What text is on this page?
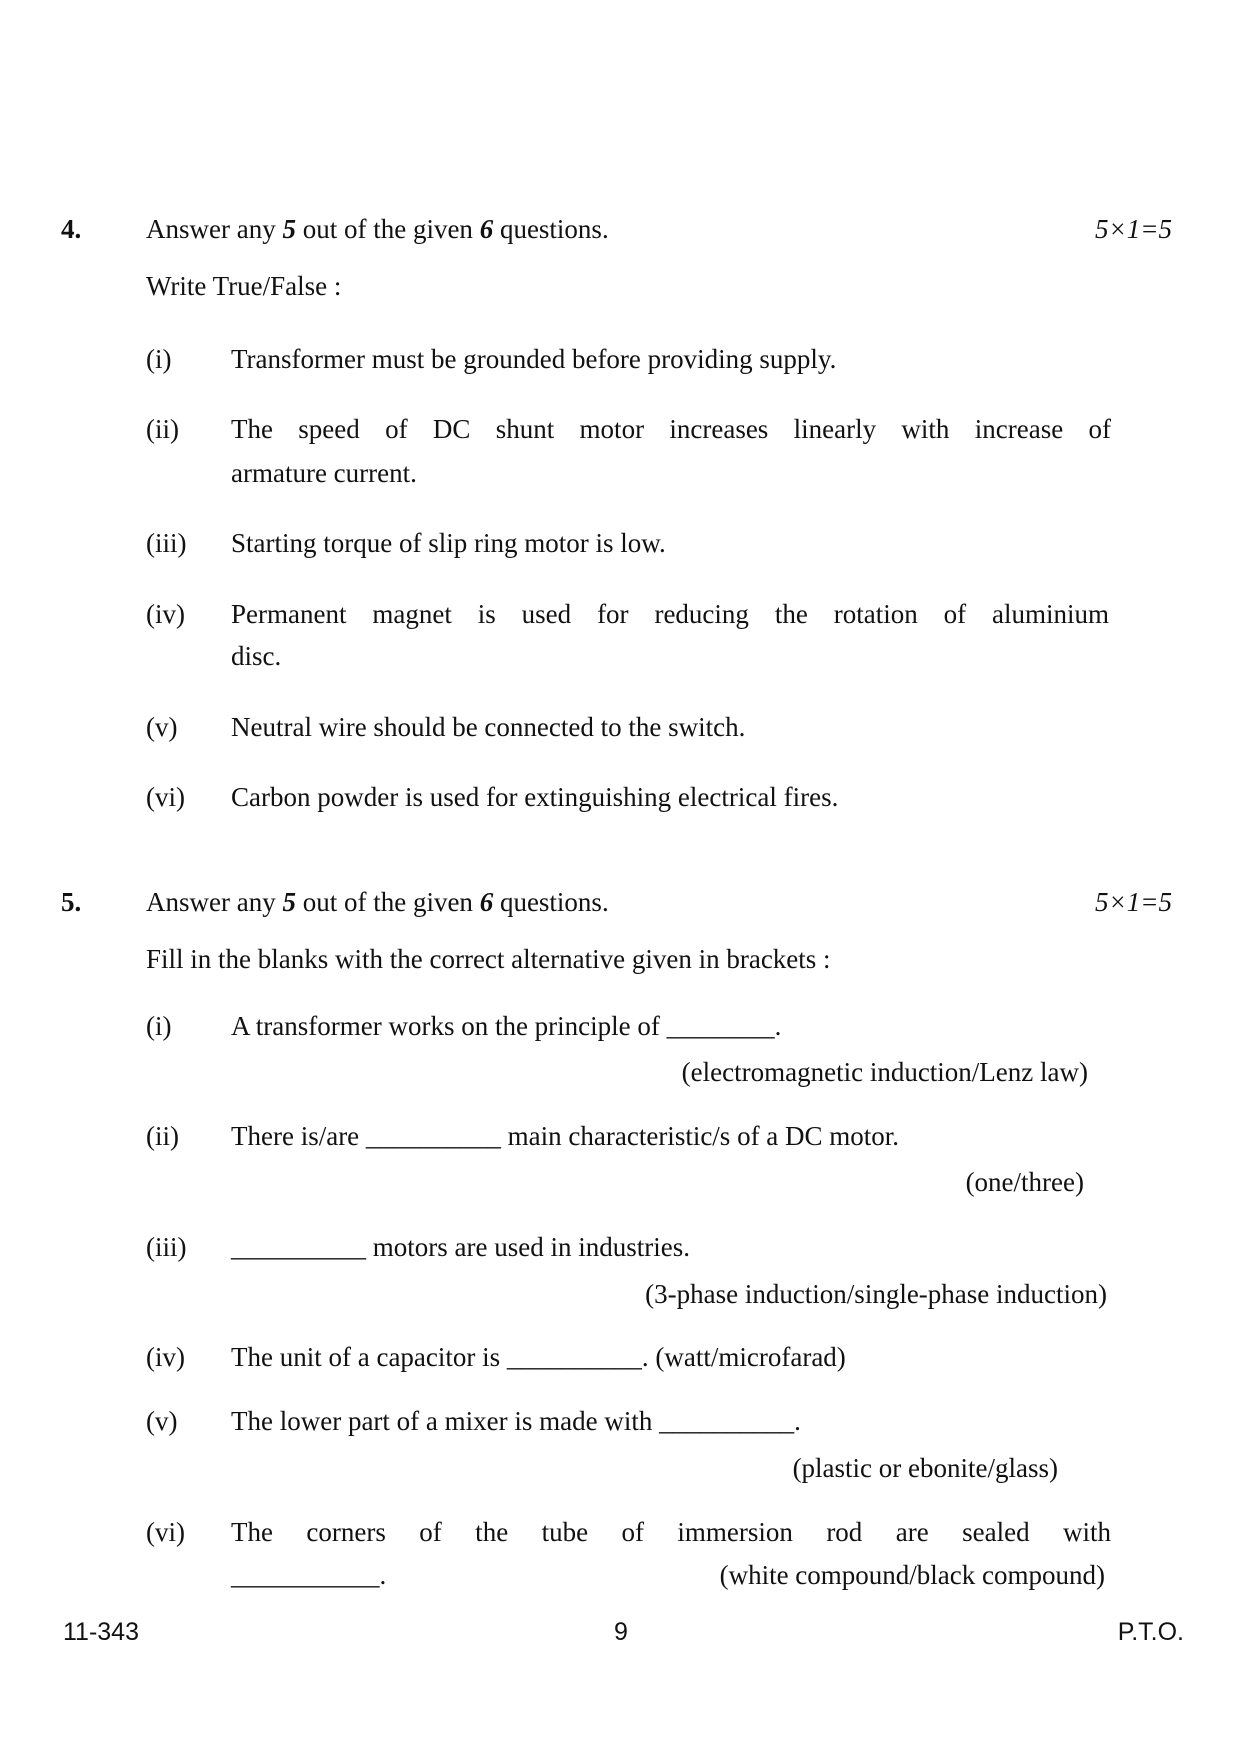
4. Answer any 5 out of the given 6 questions.	5×1=5
Write True/False :
(i) Transformer must be grounded before providing supply.
(ii) The speed of DC shunt motor increases linearly with increase of
armature current.
(iii) Starting torque of slip ring motor is low.
(iv) Permanent magnet is used for reducing the rotation of aluminium
disc.
(v) Neutral wire should be connected to the switch.
(vi) Carbon powder is used for extinguishing electrical fires.
5. Answer any 5 out of the given 6 questions.	5×1=5
Fill in the blanks with the correct alternative given in brackets :
(i) A transformer works on the principle of ________.
(electromagnetic induction/Lenz law)
(ii) There is/are __________ main characteristic/s of a DC motor.
(one/three)
(iii) __________ motors are used in industries.
(3-phase induction/single-phase induction)
(iv) The unit of a capacitor is __________. (watt/microfarad)
(v) The lower part of a mixer is made with __________.
(plastic or ebonite/glass)
(vi) The corners of the tube of immersion rod are sealed with
___________.	(white compound/black compound)
11-343	9	P.T.O.
